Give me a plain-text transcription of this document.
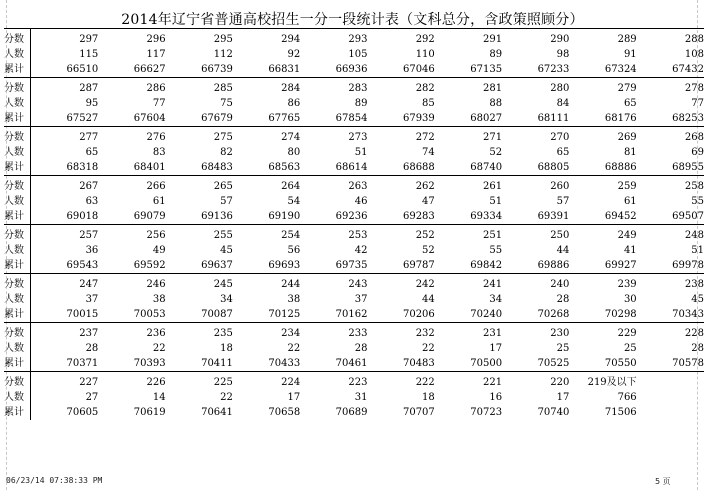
2014年辽宁省普通高校招生一分一段统计表（文科总分，含政策照顾分）
分数	297	296	295	294	293	292	291	290	289	288
人数	115	117	112	92	105	110	89	98	91	108
累计	66510	66627	66739	66831	66936	67046	67135	67233	67324	67432
分数	287	286	285	284	283	282	281	280	279	278
人数	95	77	75	86	89	85	88	84	65	77
累计	67527	67604	67679	67765	67854	67939	68027	68111	68176	68253
分数	277	276	275	274	273	272	271	270	269	268
人数	65	83	82	80	51	74	52	65	81	69
累计	68318	68401	68483	68563	68614	68688	68740	68805	68886	68955
分数	267	266	265	264	263	262	261	260	259	258
人数	63	61	57	54	46	47	51	57	61	55
累计	69018	69079	69136	69190	69236	69283	69334	69391	69452	69507
分数	257	256	255	254	253	252	251	250	249	248
人数	36	49	45	56	42	52	55	44	41	51
累计	69543	69592	69637	69693	69735	69787	69842	69886	69927	69978
分数	247	246	245	244	243	242	241	240	239	238
人数	37	38	34	38	37	44	34	28	30	45
累计	70015	70053	70087	70125	70162	70206	70240	70268	70298	70343
分数	237	236	235	234	233	232	231	230	229	228
人数	28	22	18	22	28	22	17	25	25	28
累计	70371	70393	70411	70433	70461	70483	70500	70525	70550	70578
分数	227	226	225	224	223	222	221	220	219及以下
人数	27	14	22	17	31	18	16	17	766
累计	70605	70619	70641	70658	70689	70707	70723	70740	71506
06/23/14 07:38:33 PM	5 页
